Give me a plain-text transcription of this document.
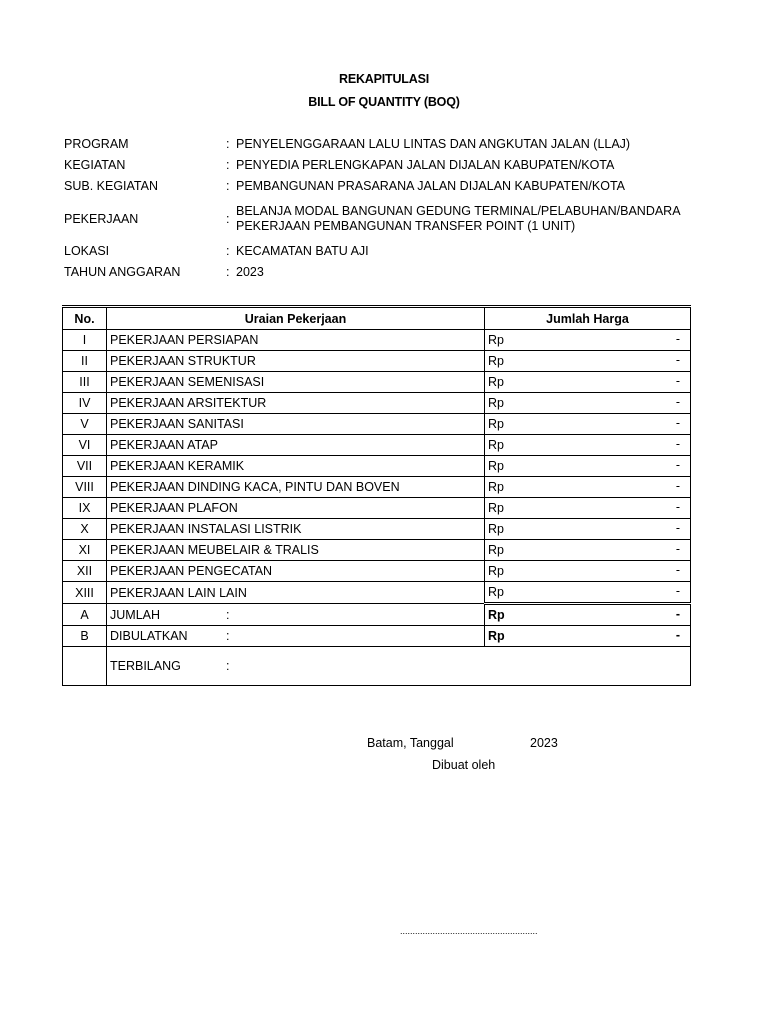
REKAPITULASI
BILL OF QUANTITY (BOQ)
PROGRAM	: PENYELENGGARAAN LALU LINTAS DAN ANGKUTAN JALAN (LLAJ)
KEGIATAN	: PENYEDIA PERLENGKAPAN JALAN DIJALAN KABUPATEN/KOTA
SUB. KEGIATAN	: PEMBANGUNAN PRASARANA JALAN DIJALAN KABUPATEN/KOTA
PEKERJAAN	:
BELANJA MODAL BANGUNAN GEDUNG TERMINAL/PELABUHAN/BANDARA
PEKERJAAN PEMBANGUNAN TRANSFER POINT (1 UNIT)
LOKASI	: KECAMATAN BATU AJI
TAHUN ANGGARAN	: 2023
No.	Uraian Pekerjaan	Jumlah Harga
I	PEKERJAAN PERSIAPAN	Rp -

II	PEKERJAAN STRUKTUR	Rp -

III	PEKERJAAN SEMENISASI	Rp -

IV	PEKERJAAN ARSITEKTUR	Rp -

V	PEKERJAAN SANITASI	Rp -

VI	PEKERJAAN ATAP	Rp -

VII	PEKERJAAN KERAMIK	Rp -

VIII	PEKERJAAN DINDING KACA, PINTU DAN BOVEN	Rp -

IX	PEKERJAAN PLAFON	Rp -

X	PEKERJAAN INSTALASI LISTRIK	Rp -

XI	PEKERJAAN MEUBELAIR & TRALIS	Rp -

XII	PEKERJAAN PENGECATAN	Rp -

XIII	PEKERJAAN LAIN LAIN	Rp -

A	JUMLAH :	Rp -

B	DIBULATKAN :	Rp -

	TERBILANG :	
Batam, Tanggal	2023
Dibuat oleh
.......................................................
